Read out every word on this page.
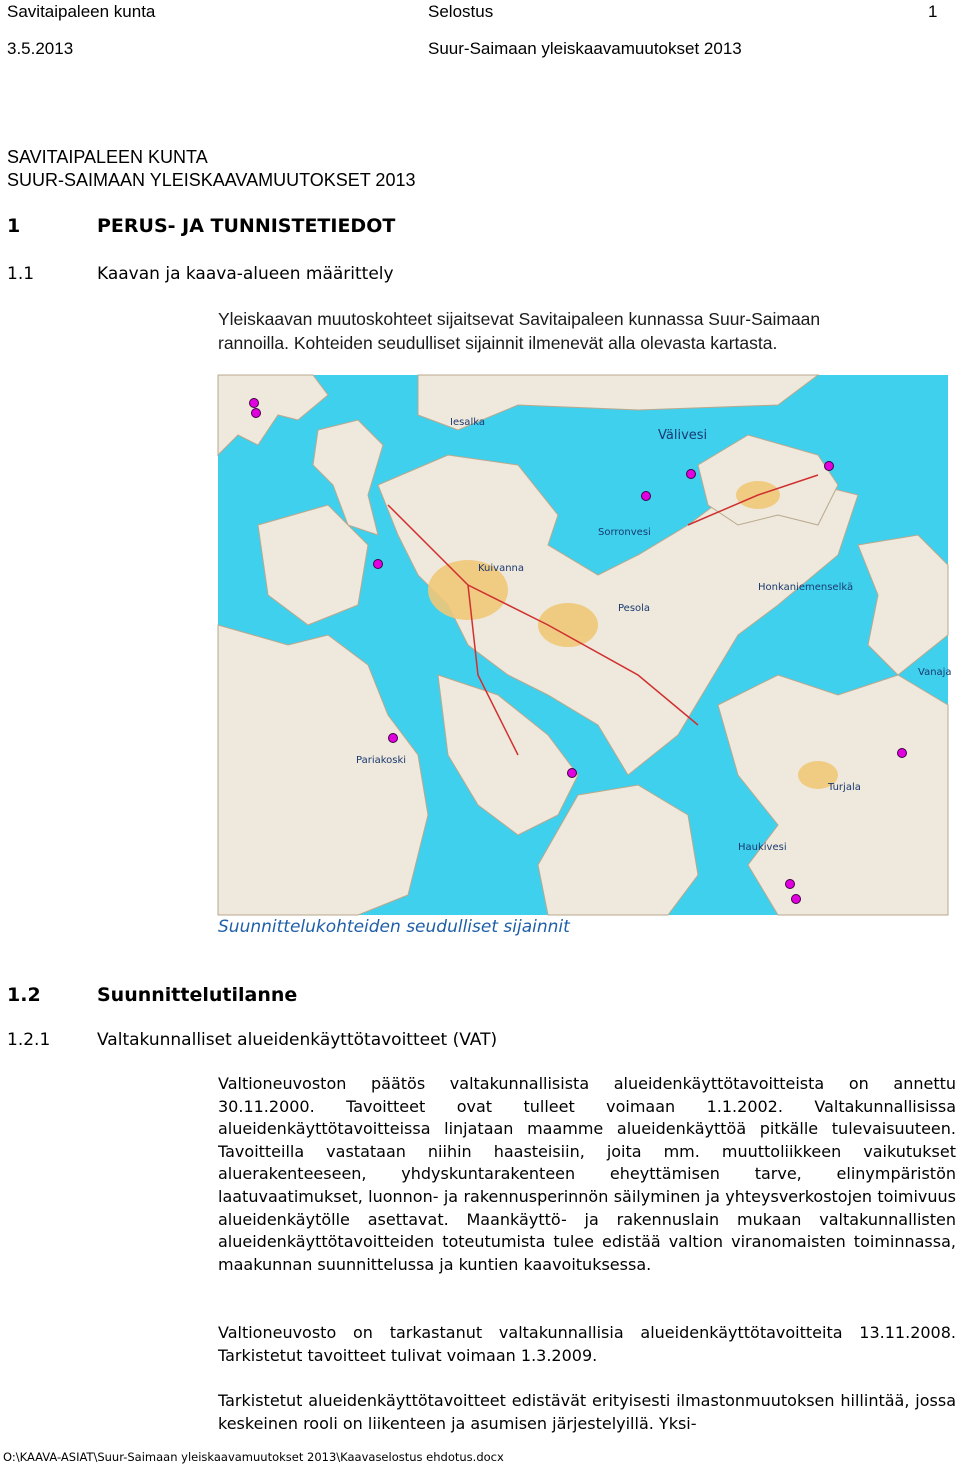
Savitaipaleen kunta	Selostus	1
3.5.2013	Suur-Saimaan yleiskaavamuutokset 2013
SAVITAIPALEEN KUNTA
SUUR-SAIMAAN YLEISKAAVAMUUTOKSET 2013
1	PERUS- JA TUNNISTETIEDOT
1.1	Kaavan ja kaava-alueen määrittely
Yleiskaavan muutoskohteet sijaitsevat Savitaipaleen kunnassa Suur-Saimaan
rannoilla. Kohteiden seudulliset sijainnit ilmenevät alla olevasta kartasta.
Iesalka
Välivesi
Sorronvesi
Kuivanna
Pesola
Honkaniemenselkä
Vanaja
Pariakoski
Turjala
Haukivesi
Suunnittelukohteiden seudulliset sijainnit
1.2	Suunnittelutilanne
1.2.1	Valtakunnalliset alueidenkäyttötavoitteet (VAT)
Valtioneuvoston päätös valtakunnallisista alueidenkäyttötavoitteista on annettu 30.11.2000. Tavoitteet ovat tulleet voimaan 1.1.2002. Valtakunnallisissa alueidenkäyttötavoitteissa linjataan maamme alueidenkäyttöä pitkälle tulevaisuuteen. Tavoitteilla vastataan niihin haasteisiin, joita mm. muuttoliikkeen vaikutukset aluerakenteeseen, yhdyskuntarakenteen eheyttämisen tarve, elinympäristön laatuvaatimukset, luonnon- ja rakennusperinnön säilyminen ja yhteysverkostojen toimivuus alueidenkäytölle asettavat. Maankäyttö- ja rakennuslain mukaan valtakunnallisten alueidenkäyttötavoitteiden toteutumista tulee edistää valtion viranomaisten toiminnassa, maakunnan suunnittelussa ja kuntien kaavoituksessa.
Valtioneuvosto on tarkastanut valtakunnallisia alueidenkäyttötavoitteita 13.11.2008. Tarkistetut tavoitteet tulivat voimaan 1.3.2009.
Tarkistetut alueidenkäyttötavoitteet edistävät erityisesti ilmastonmuutoksen hillintää, jossa keskeinen rooli on liikenteen ja asumisen järjestelyillä. Yksi-
O:\KAAVA-ASIAT\Suur-Saimaan yleiskaavamuutokset 2013\Kaavaselostus ehdotus.docx
